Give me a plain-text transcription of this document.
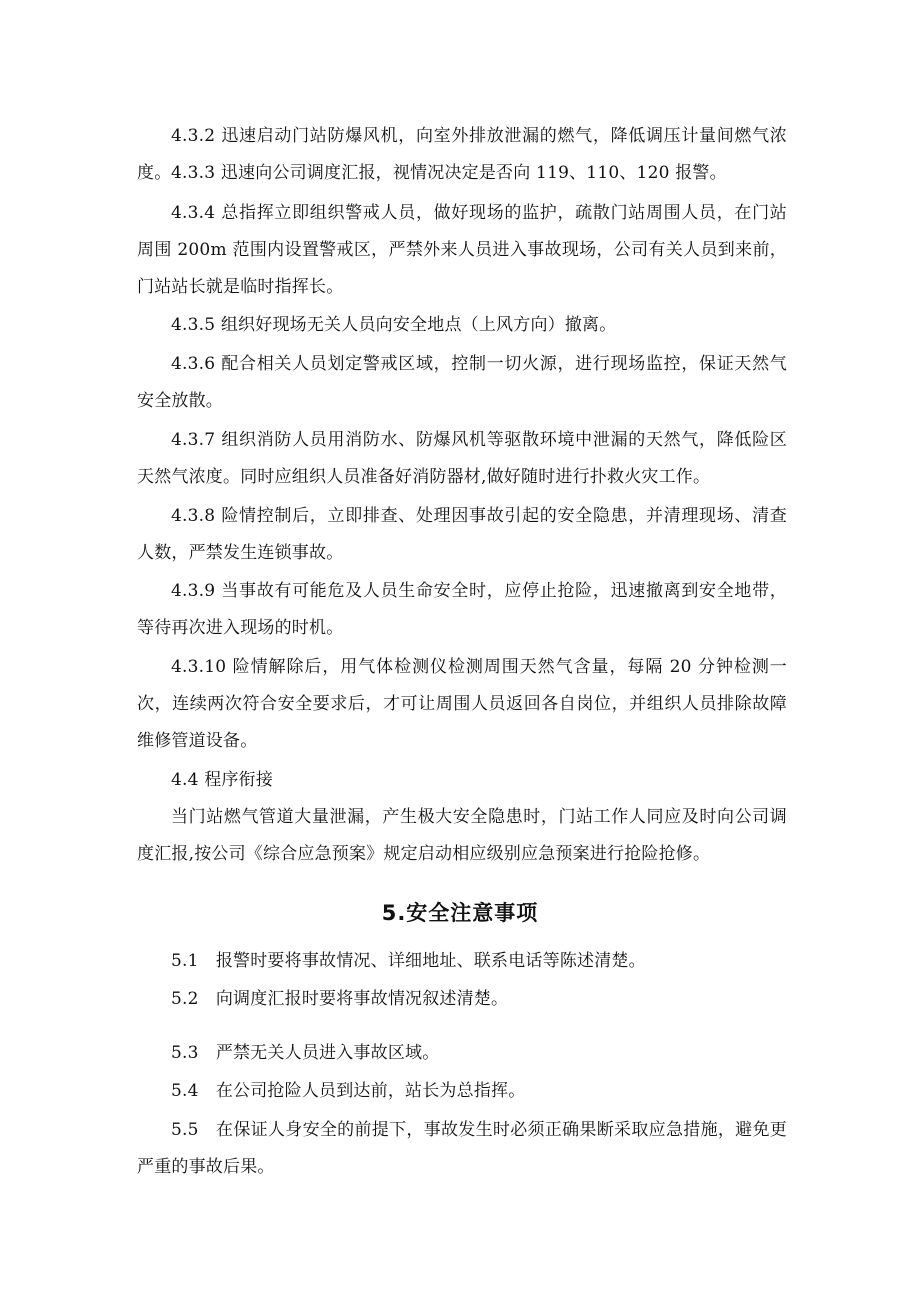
4.3.2 迅速启动门站防爆风机，向室外排放泄漏的燃气，降低调压计量间燃气浓度。 4.3.3 迅速向公司调度汇报，视情况决定是否向 119、110、120 报警。

4.3.4 总指挥立即组织警戒人员，做好现场的监护，疏散门站周围人员，在门站周围 200m 范围内设置警戒区，严禁外来人员进入事故现场，公司有关人员到来前，门站站长就是临时指挥长。

4.3.5 组织好现场无关人员向安全地点（上风方向）撤离。

4.3.6 配合相关人员划定警戒区域，控制一切火源，进行现场监控，保证天然气安全放散。

4.3.7 组织消防人员用消防水、防爆风机等驱散环境中泄漏的天然气，降低险区天然气浓度。同时应组织人员准备好消防器材,做好随时进行扑救火灾工作。

4.3.8 险情控制后，立即排查、处理因事故引起的安全隐患，并清理现场、清查人数，严禁发生连锁事故。

4.3.9 当事故有可能危及人员生命安全时，应停止抢险，迅速撤离到安全地带，等待再次进入现场的时机。

4.3.10 险情解除后，用气体检测仪检测周围天然气含量，每隔 20 分钟检测一次，连续两次符合安全要求后，才可让周围人员返回各自岗位，并组织人员排除故障维修管道设备。

4.4 程序衔接

当门站燃气管道大量泄漏，产生极大安全隐患时，门站工作人同应及时向公司调度汇报,按公司《综合应急预案》规定启动相应级别应急预案进行抢险抢修。

5.安全注意事项

5.1　报警时要将事故情况、详细地址、联系电话等陈述清楚。

5.2　向调度汇报时要将事故情况叙述清楚。

5.3　严禁无关人员进入事故区域。

5.4　在公司抢险人员到达前，站长为总指挥。

5.5　在保证人身安全的前提下，事故发生时必须正确果断采取应急措施，避免更严重的事故后果。
